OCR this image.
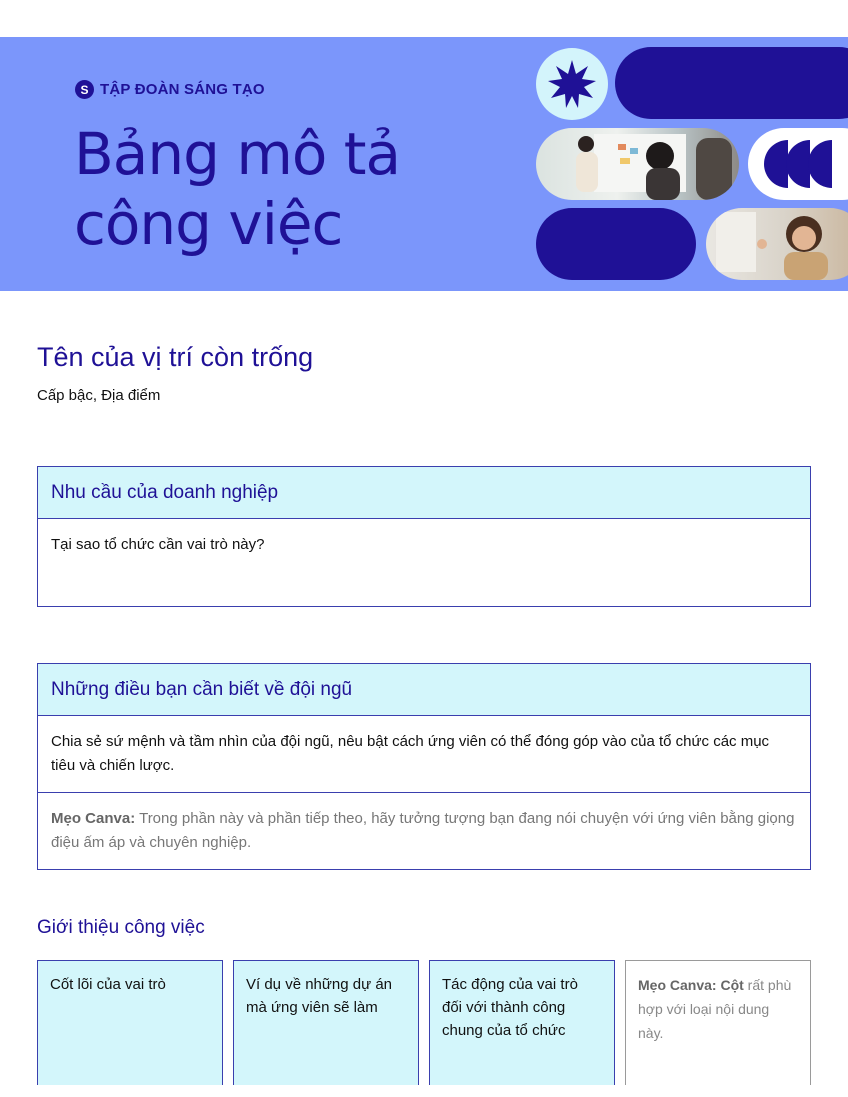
S TẬP ĐOÀN SÁNG TẠO
Bảng mô tả công việc
Tên của vị trí còn trống
Cấp bậc, Địa điểm
Nhu cầu của doanh nghiệp
Tại sao tổ chức cần vai trò này?
Những điều bạn cần biết về đội ngũ
Chia sẻ sứ mệnh và tầm nhìn của đội ngũ, nêu bật cách ứng viên có thể đóng góp vào của tổ chức các mục tiêu và chiến lược.
Mẹo Canva: Trong phần này và phần tiếp theo, hãy tưởng tượng bạn đang nói chuyện với ứng viên bằng giọng điệu ấm áp và chuyên nghiệp.
Giới thiệu công việc
Cốt lõi của vai trò	Ví dụ về những dự án mà ứng viên sẽ làm
Tác động của vai trò đối với thành công chung của tổ chức
Mẹo Canva: Cột rất phù hợp với loại nội dung này.
